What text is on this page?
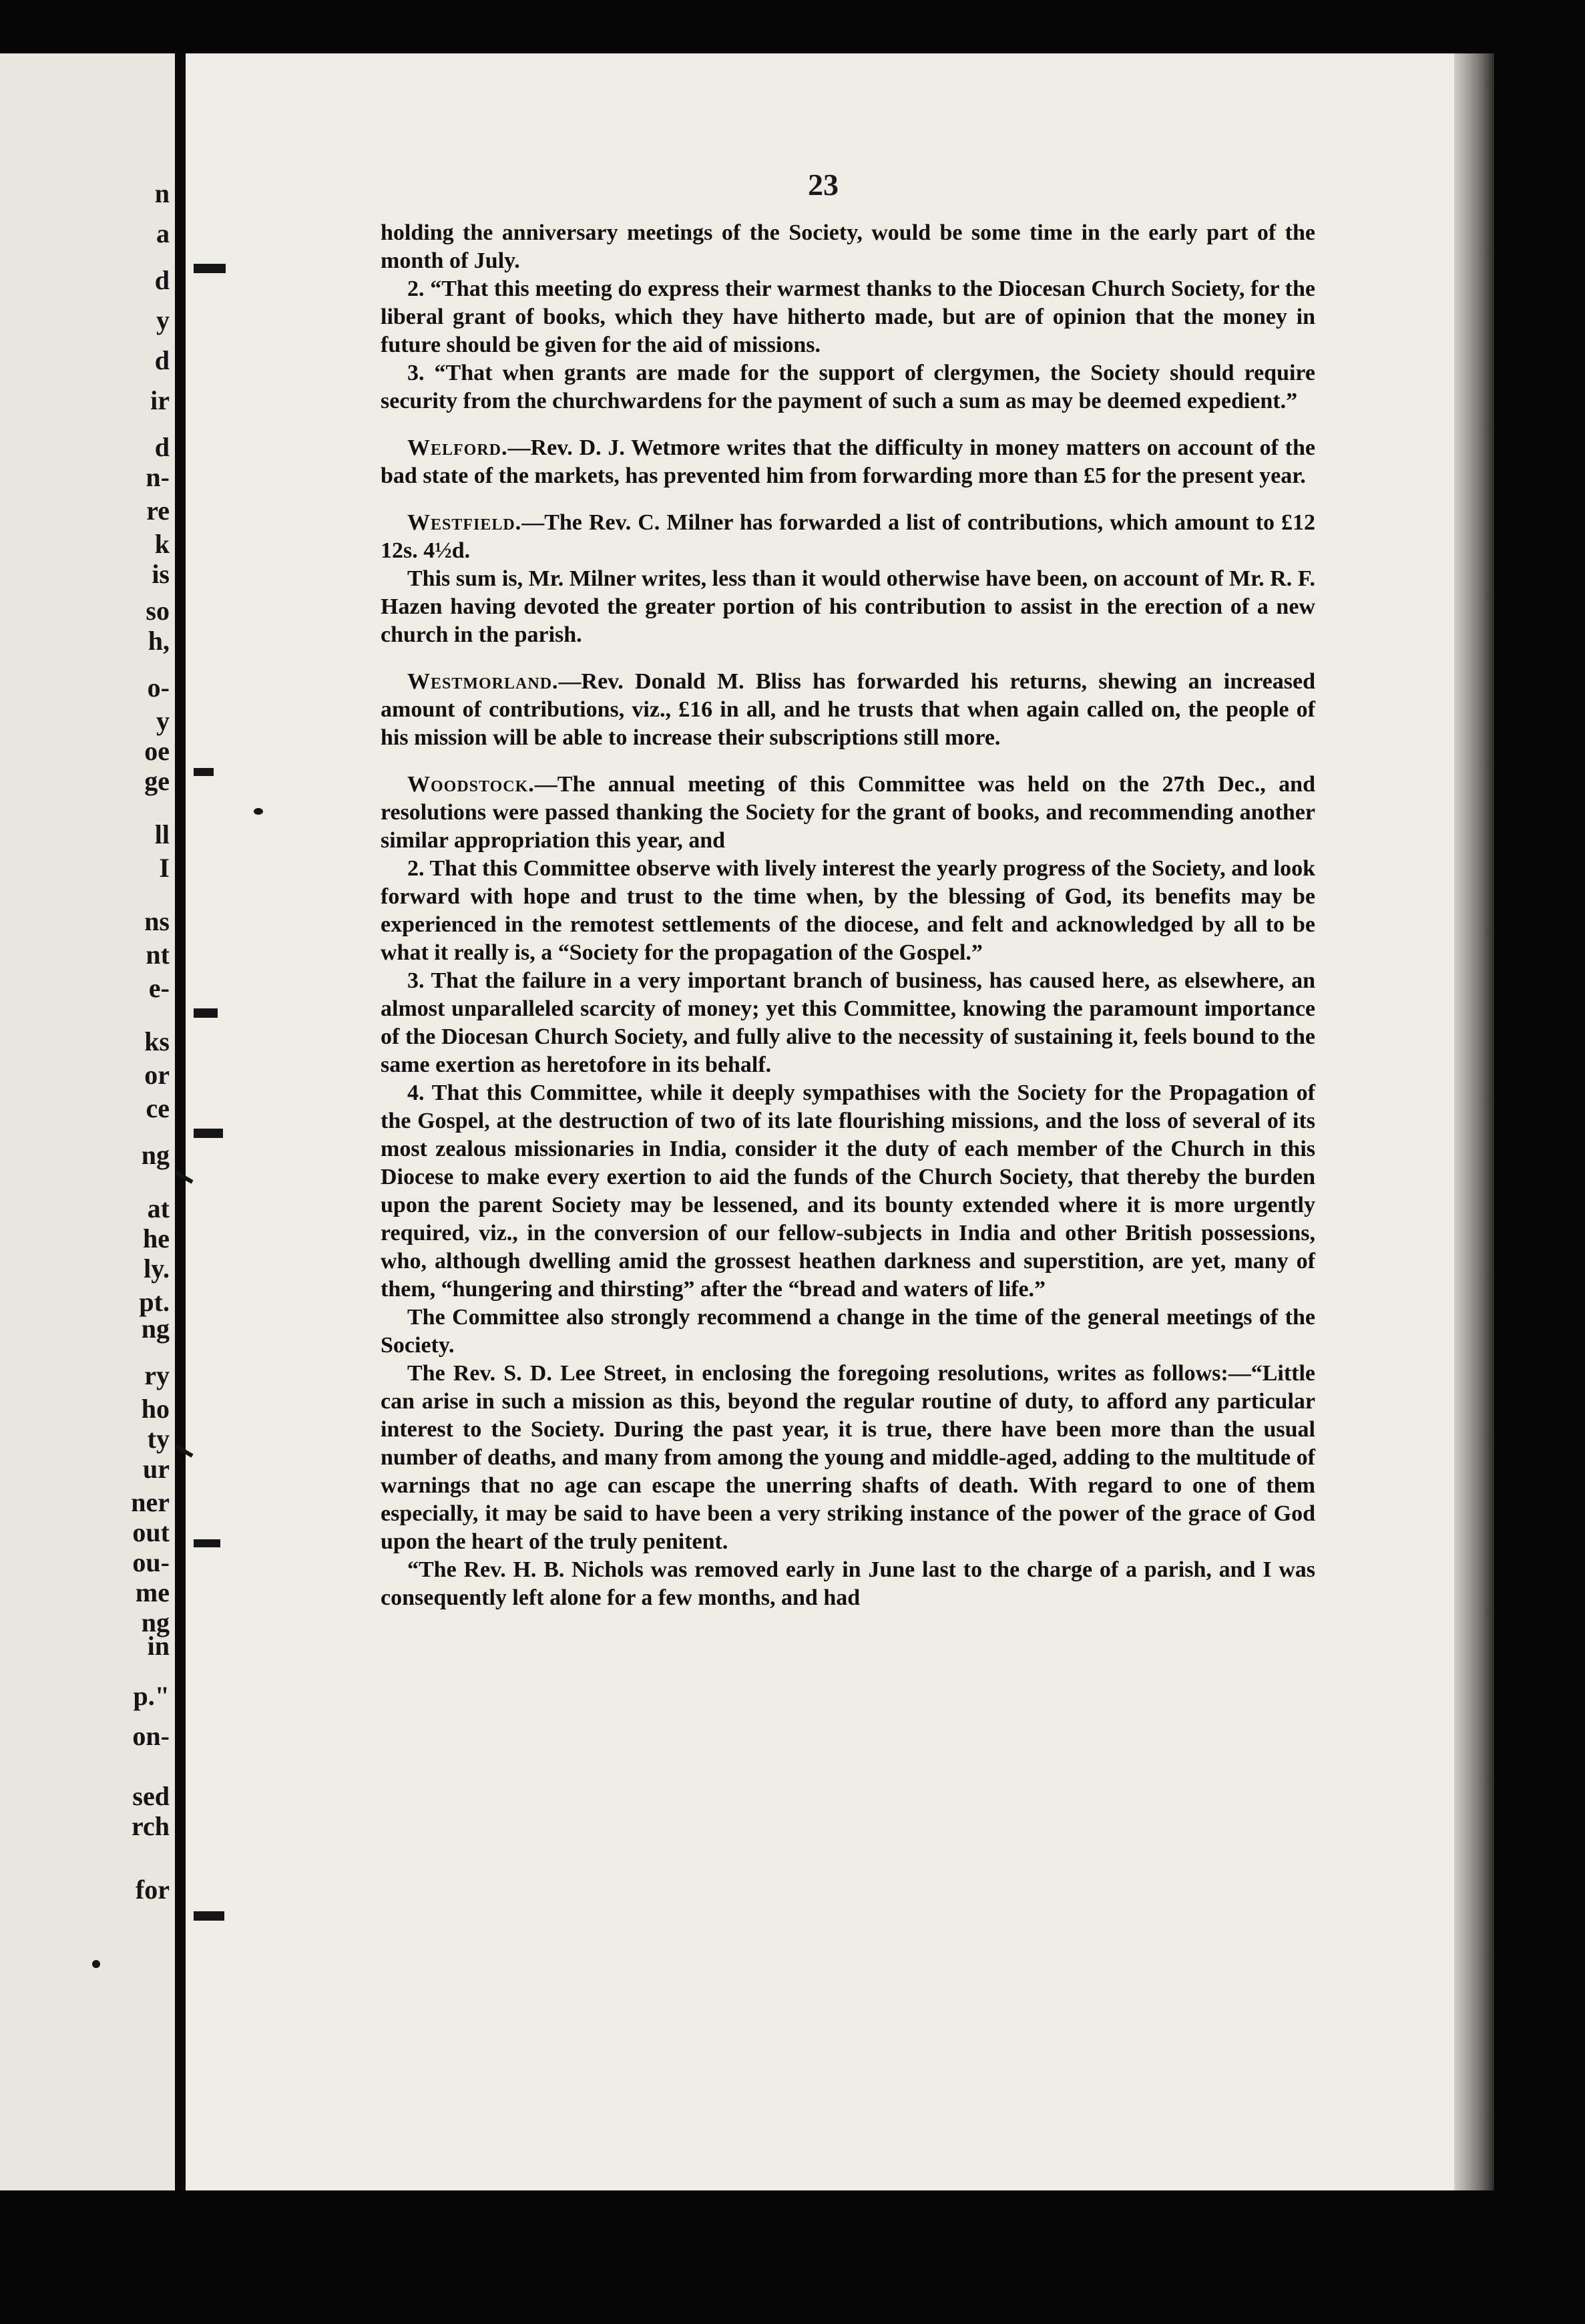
n
a
d
y
d
ir
d
n-
re
k
is
so
h,
o-
y
oe
ge
ll
I
ns
nt
e-
ks
or
ce
ng
at
he
ly.
pt.
ng
ry
ho
ty
ur
ner
out
ou-
me
ng
in
p."
on-
sed
rch
for

23

holding the anniversary meetings of the Society, would be some time in the early part of the month of July.

2. “That this meeting do express their warmest thanks to the Diocesan Church Society, for the liberal grant of books, which they have hitherto made, but are of opinion that the money in future should be given for the aid of missions.

3. “That when grants are made for the support of clergymen, the Society should require security from the churchwardens for the payment of such a sum as may be deemed expedient.”

Welford.—Rev. D. J. Wetmore writes that the difficulty in money matters on account of the bad state of the markets, has prevented him from forwarding more than £5 for the present year.

Westfield.—The Rev. C. Milner has forwarded a list of contributions, which amount to £12 12s. 4½d.

This sum is, Mr. Milner writes, less than it would otherwise have been, on account of Mr. R. F. Hazen having devoted the greater portion of his contribution to assist in the erection of a new church in the parish.

Westmorland.—Rev. Donald M. Bliss has forwarded his returns, shewing an increased amount of contributions, viz., £16 in all, and he trusts that when again called on, the people of his mission will be able to increase their subscriptions still more.

Woodstock.—The annual meeting of this Committee was held on the 27th Dec., and resolutions were passed thanking the Society for the grant of books, and recommending another similar appropriation this year, and

2. That this Committee observe with lively interest the yearly progress of the Society, and look forward with hope and trust to the time when, by the blessing of God, its benefits may be experienced in the remotest settlements of the diocese, and felt and acknowledged by all to be what it really is, a “Society for the propagation of the Gospel.”

3. That the failure in a very important branch of business, has caused here, as elsewhere, an almost unparalleled scarcity of money; yet this Committee, knowing the paramount importance of the Diocesan Church Society, and fully alive to the necessity of sustaining it, feels bound to the same exertion as heretofore in its behalf.

4. That this Committee, while it deeply sympathises with the Society for the Propagation of the Gospel, at the destruction of two of its late flourishing missions, and the loss of several of its most zealous missionaries in India, consider it the duty of each member of the Church in this Diocese to make every exertion to aid the funds of the Church Society, that thereby the burden upon the parent Society may be lessened, and its bounty extended where it is more urgently required, viz., in the conversion of our fellow-subjects in India and other British possessions, who, although dwelling amid the grossest heathen darkness and superstition, are yet, many of them, “hungering and thirsting” after the “bread and waters of life.”

The Committee also strongly recommend a change in the time of the general meetings of the Society.

The Rev. S. D. Lee Street, in enclosing the foregoing resolutions, writes as follows:—“Little can arise in such a mission as this, beyond the regular routine of duty, to afford any particular interest to the Society. During the past year, it is true, there have been more than the usual number of deaths, and many from among the young and middle-aged, adding to the multitude of warnings that no age can escape the unerring shafts of death. With regard to one of them especially, it may be said to have been a very striking instance of the power of the grace of God upon the heart of the truly penitent.

“The Rev. H. B. Nichols was removed early in June last to the charge of a parish, and I was consequently left alone for a few months, and had
